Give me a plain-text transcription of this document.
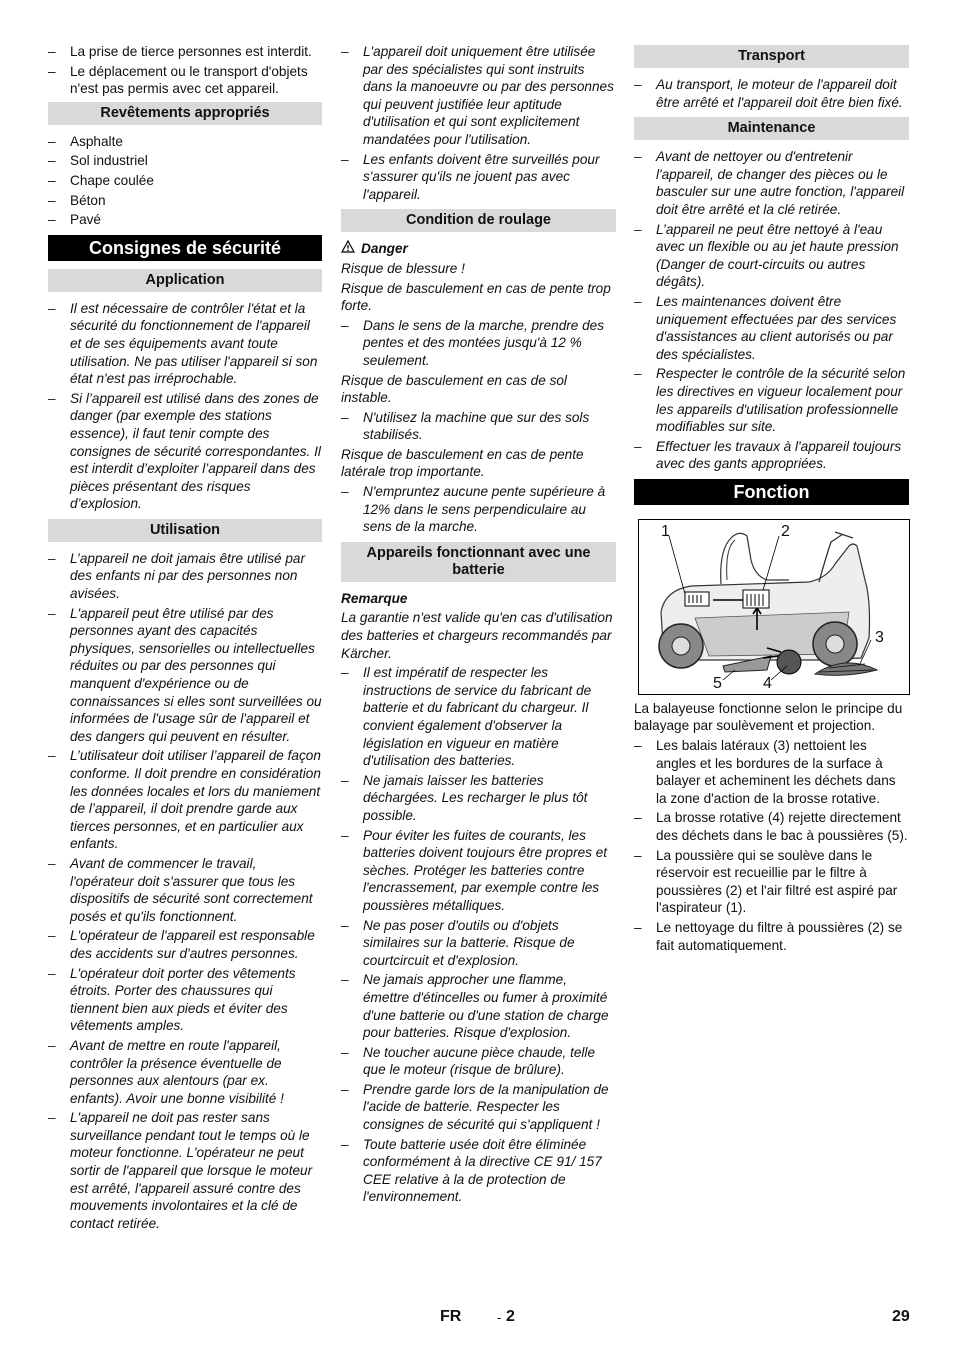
– La prise de tierce personnes est interdit.
– Le déplacement ou le transport d'objets n'est pas permis avec cet appareil.
Revêtements appropriés
– Asphalte
– Sol industriel
– Chape coulée
– Béton
– Pavé
Consignes de sécurité
Application
– Il est nécessaire de contrôler l'état et la sécurité du fonctionnement de l'appareil et de ses équipements avant toute utilisation. Ne pas utiliser l'appareil si son état n'est pas irréprochable.
– Si l’appareil est utilisé dans des zones de danger (par exemple des stations essence), il faut tenir compte des consignes de sécurité correspondantes. Il est interdit d’exploiter l’appareil dans des pièces présentant des risques d’explosion.
Utilisation
– L’appareil ne doit jamais être utilisé par des enfants ni par des personnes non avisées.
– L'appareil peut être utilisé par des personnes ayant des capacités physiques, sensorielles ou intellectuelles réduites ou par des personnes qui manquent d'expérience ou de connaissances si elles sont surveillées ou informées de l'usage sûr de l'appareil et des dangers qui peuvent en résulter.
– L’utilisateur doit utiliser l’appareil de façon conforme. Il doit prendre en considération les données locales et lors du maniement de l’appareil, il doit prendre garde aux tierces personnes, et en particulier aux enfants.
– Avant de commencer le travail, l'opérateur doit s'assurer que tous les dispositifs de sécurité sont correctement posés et qu'ils fonctionnent.
– L'opérateur de l'appareil est responsable des accidents sur d'autres personnes.
– L'opérateur doit porter des vêtements étroits. Porter des chaussures qui tiennent bien aux pieds et éviter des vêtements amples.
– Avant de mettre en route l'appareil, contrôler la présence éventuelle de personnes aux alentours (par ex. enfants). Avoir une bonne visibilité !
– L'appareil ne doit pas rester sans surveillance pendant tout le temps où le moteur fonctionne. L'opérateur ne peut sortir de l'appareil que lorsque le moteur est arrêté, l'appareil assuré contre des mouvements involontaires et la clé de contact retirée.
– L'appareil doit uniquement être utilisée par des spécialistes qui sont instruits dans la manoeuvre ou par des personnes qui peuvent justifiée leur aptitude d'utilisation et qui sont explicitement mandatées pour l'utilisation.
– Les enfants doivent être surveillés pour s'assurer qu'ils ne jouent pas avec l'appareil.
Condition de roulage
Danger

Risque de blessure !

Risque de basculement en cas de pente trop forte.

– Dans le sens de la marche, prendre des pentes et des montées jusqu'à 12 % seulement.

Risque de basculement en cas de sol instable.

– N'utilisez la machine que sur des sols stabilisés.

Risque de basculement en cas de pente latérale trop importante.

– N'empruntez aucune pente supérieure à 12% dans le sens perpendiculaire au sens de la marche.
Appareils fonctionnant avec une batterie
Remarque

La garantie n'est valide qu'en cas d'utilisation des batteries et chargeurs recommandés par Kärcher.

– Il est impératif de respecter les instructions de service du fabricant de batterie et du fabricant du chargeur. Il convient également d'observer la législation en vigueur en matière d'utilisation des batteries.
– Ne jamais laisser les batteries déchargées. Les recharger le plus tôt possible.
– Pour éviter les fuites de courants, les batteries doivent toujours être propres et sèches. Protéger les batteries contre l'encrassement, par exemple contre les poussières métalliques.
– Ne pas poser d'outils ou d'objets similaires sur la batterie. Risque de courtcircuit et d'explosion.
– Ne jamais approcher une flamme, émettre d'étincelles ou fumer à proximité d'une batterie ou d'une station de charge pour batteries. Risque d'explosion.
– Ne toucher aucune pièce chaude, telle que le moteur (risque de brûlure).
– Prendre garde lors de la manipulation de l'acide de batterie. Respecter les consignes de sécurité qui s'appliquent !
– Toute batterie usée doit être éliminée conformément à la directive CE 91/ 157 CEE relative à la de protection de l'environnement.
Transport
– Au transport, le moteur de l'appareil doit être arrêté et l'appareil doit être bien fixé.
Maintenance
– Avant de nettoyer ou d'entretenir l'appareil, de changer des pièces ou le basculer sur une autre fonction, l'appareil doit être arrêté et la clé retirée.
– L’appareil ne peut être nettoyé à l'eau avec un flexible ou au jet haute pression (Danger de court-circuits ou autres dégâts).
– Les maintenances doivent être uniquement effectuées par des services d'assistances au client autorisés ou par des spécialistes.
– Respecter le contrôle de la sécurité selon les directives en vigueur localement pour les appareils d'utilisation professionnelle modifiables sur site.
– Effectuer les travaux à l'appareil toujours avec des gants appropriées.
Fonction
1	2
3
4
5

La balayeuse fonctionne selon le principe du balayage par soulèvement et projection.

– Les balais latéraux (3) nettoient les angles et les bordures de la surface à balayer et acheminent les déchets dans la zone d'action de la brosse rotative.
– La brosse rotative (4) rejette directement des déchets dans le bac à poussières (5).
– La poussière qui se soulève dans le réservoir est recueillie par le filtre à poussières (2) et l'air filtré est aspiré par l'aspirateur (1).
– Le nettoyage du filtre à poussières (2) se fait automatiquement.
FR	- 2	29
